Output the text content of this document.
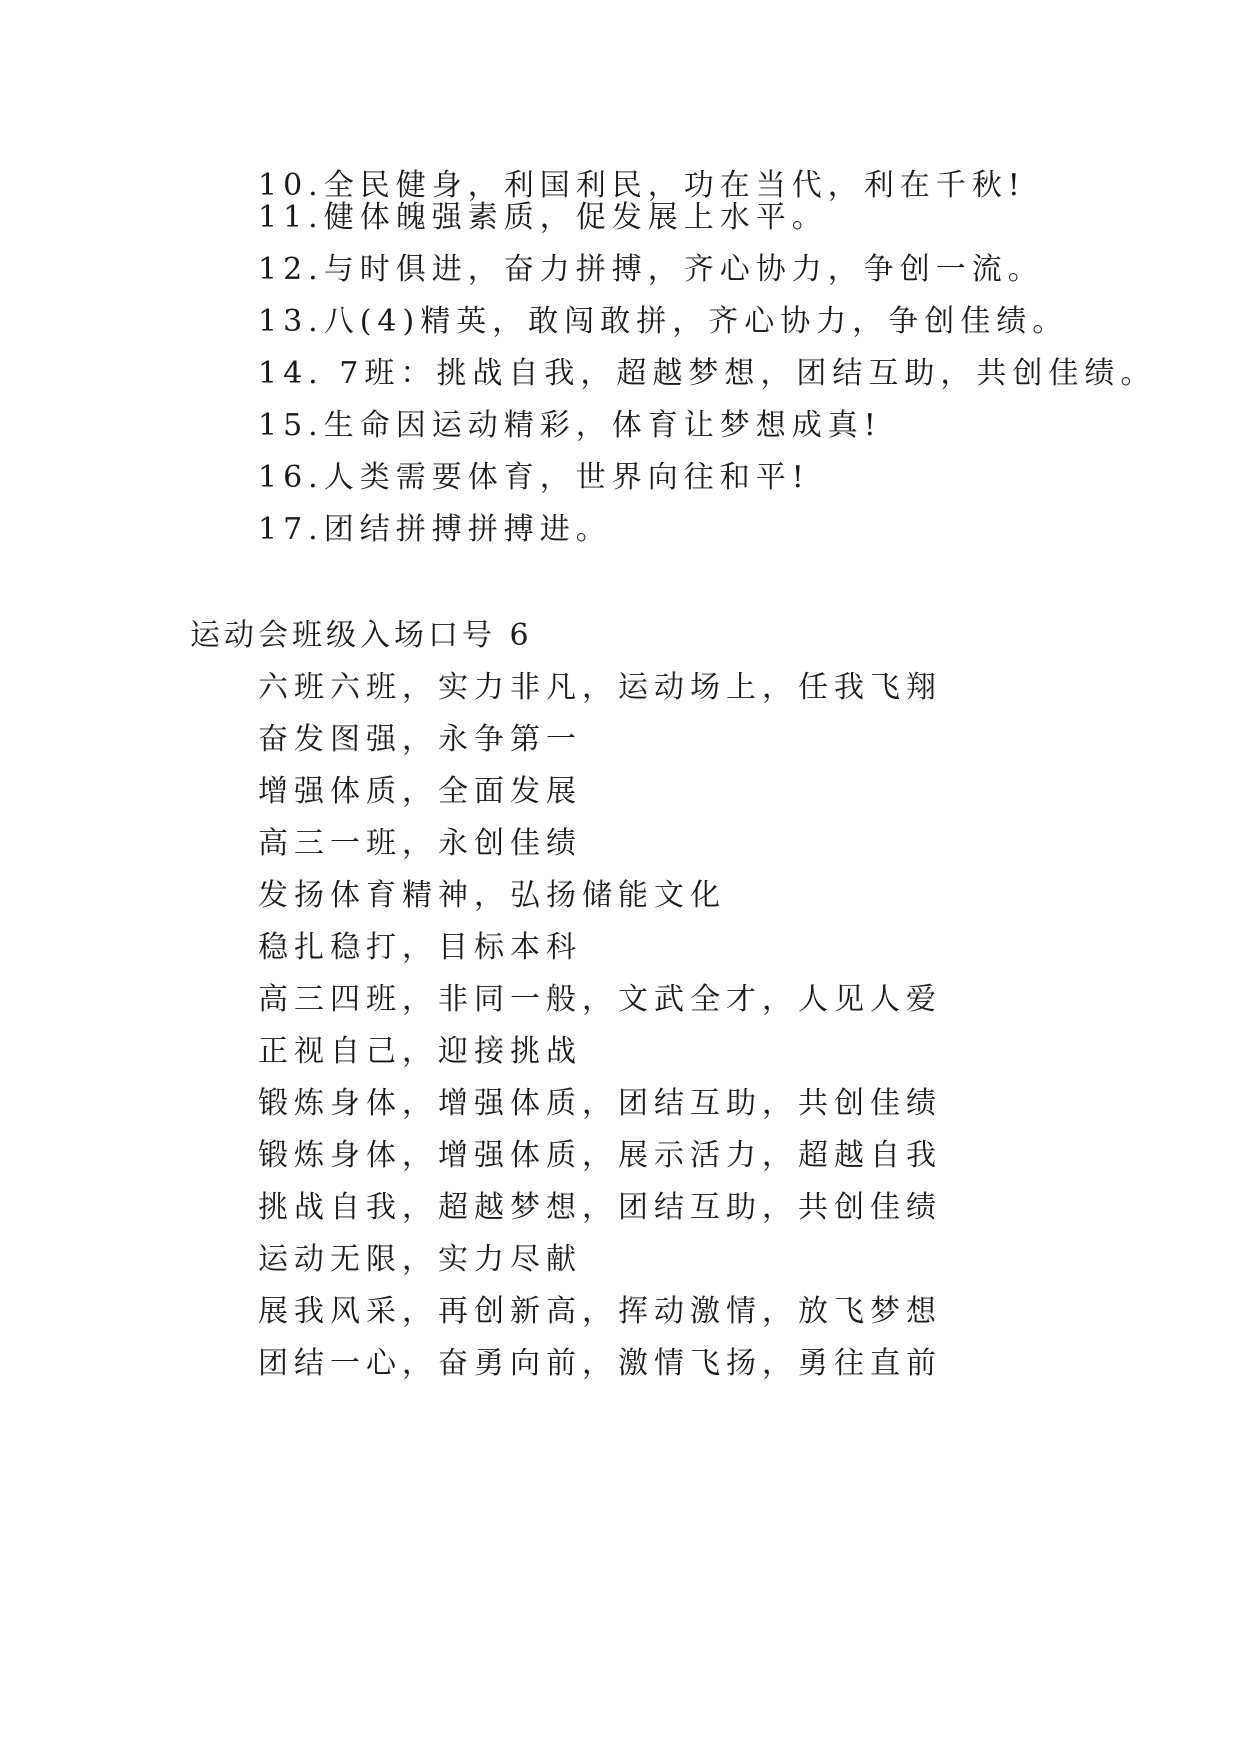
10.全民健身，利国利民，功在当代，利在千秋!
11.健体魄强素质，促发展上水平。
12.与时俱进，奋力拼搏，齐心协力，争创一流。
13.八(4)精英，敢闯敢拼，齐心协力，争创佳绩。
14. 7班：挑战自我，超越梦想，团结互助，共创佳绩。
15.生命因运动精彩，体育让梦想成真!
16.人类需要体育，世界向往和平!
17.团结拼搏拼搏进。
运动会班级入场口号 6
六班六班，实力非凡，运动场上，任我飞翔
奋发图强，永争第一
增强体质，全面发展
高三一班，永创佳绩
发扬体育精神，弘扬储能文化
稳扎稳打，目标本科
高三四班，非同一般，文武全才，人见人爱
正视自己，迎接挑战
锻炼身体，增强体质，团结互助，共创佳绩
锻炼身体，增强体质，展示活力，超越自我
挑战自我，超越梦想，团结互助，共创佳绩
运动无限，实力尽献
展我风采，再创新高，挥动激情，放飞梦想
团结一心，奋勇向前，激情飞扬，勇往直前
